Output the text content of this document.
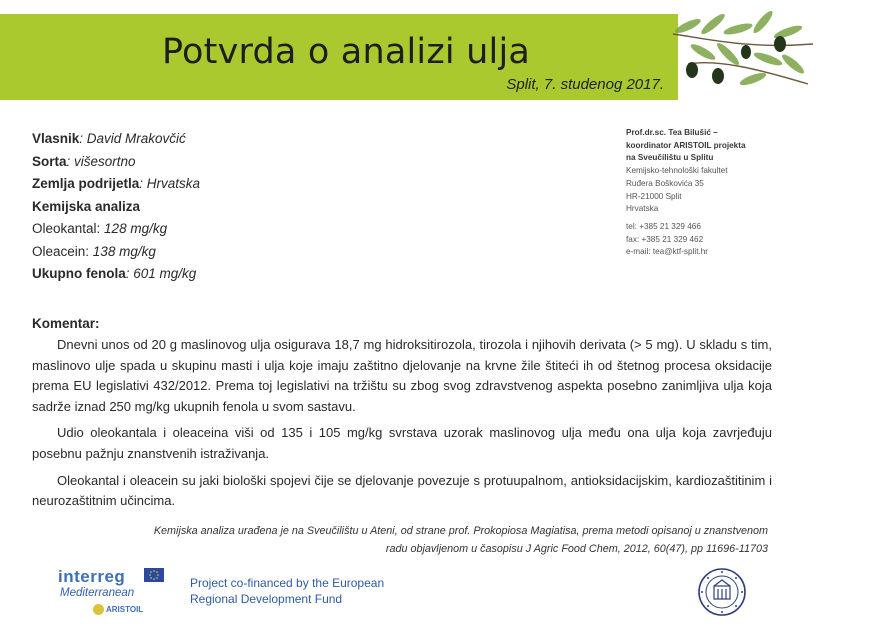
Potvrda o analizi ulja
Split, 7. studenog 2017.
Vlasnik: David Mrakovčić
Sorta: višesortno
Zemlja podrijetla: Hrvatska
Kemijska analiza
Oleokantal: 128 mg/kg
Oleacein: 138 mg/kg
Ukupno fenola: 601 mg/kg
Prof.dr.sc. Tea Bilušić –
koordinator ARISTOIL projekta
na Sveučilištu u Splitu
Kemijsko-tehnološki fakultet
Ruđera Boškovića 35
HR-21000 Split
Hrvatska
tel: +385 21 329 466
fax: +385 21 329 462
e-mail: tea@ktf-split.hr
Komentar:

Dnevni unos od 20 g maslinovog ulja osigurava 18,7 mg hidroksitirozola, tirozola i njihovih derivata (> 5 mg). U skladu s tim, maslinovo ulje spada u skupinu masti i ulja koje imaju zaštitno djelovanje na krvne žile štiteći ih od štetnog procesa oksidacije prema EU legislativi 432/2012. Prema toj legislativi na tržištu su zbog svog zdravstvenog aspekta posebno zanimljiva ulja koja sadrže iznad 250 mg/kg ukupnih fenola u svom sastavu.

Udio oleokantala i oleaceina viši od 135 i 105 mg/kg svrstava uzorak maslinovog ulja među ona ulja koja zavrjeđuju posebnu pažnju znanstvenih istraživanja.

Oleokantal i oleacein su jaki biološki spojevi čije se djelovanje povezuje s protuupalnom, antioksidacijskim, kardiozaštitinim i neurozaštitnim učincima.

Kemijska analiza urađena je na Sveučilištu u Ateni, od strane prof. Prokopiosa Magiatisa, prema metodi opisanoj u znanstvenom
radu objavljenom u časopisu J Agric Food Chem, 2012, 60(47), pp 11696-11703
interreg
Mediterranean
ARISTOIL
Project co-financed by the European
Regional Development Fund
